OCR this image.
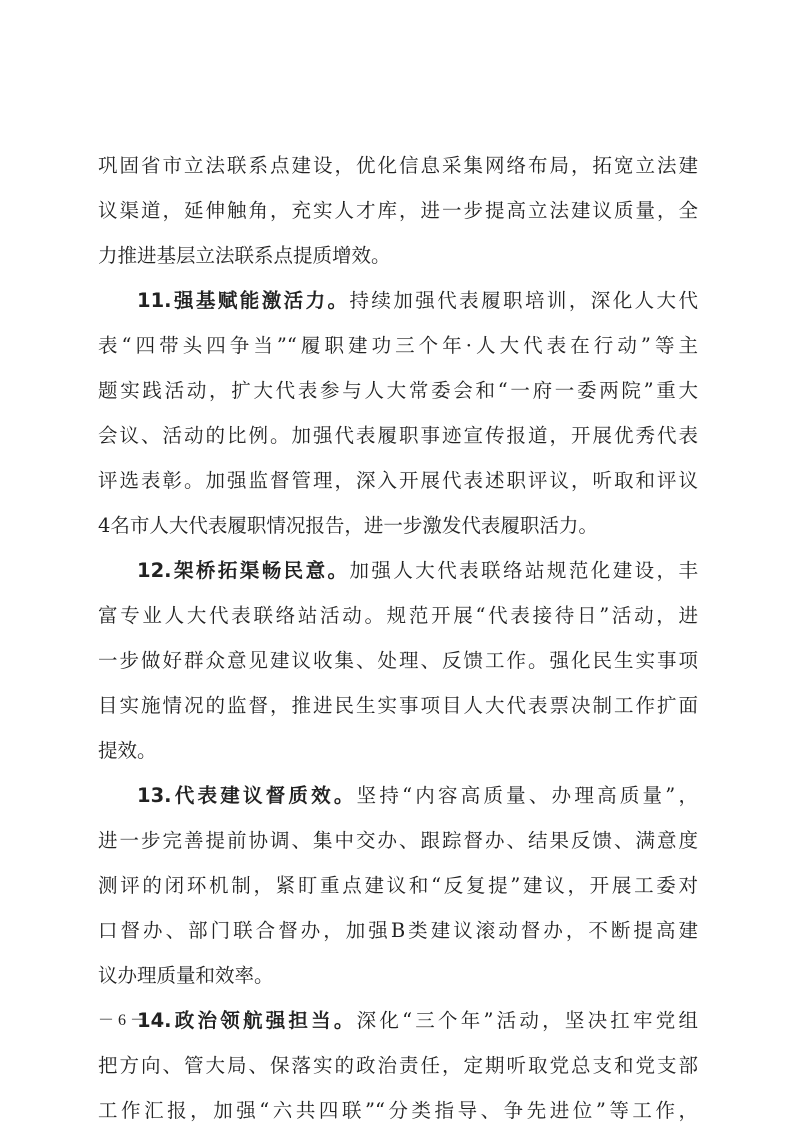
巩固省市立法联系点建设，优化信息采集网络布局，拓宽立法建
议渠道，延伸触角，充实人才库，进一步提高立法建议质量，全
力推进基层立法联系点提质增效。
11.强基赋能激活力。持续加强代表履职培训，深化人大代
表“四带头四争当”“履职建功三个年·人大代表在行动”等主
题实践活动，扩大代表参与人大常委会和“一府一委两院”重大
会议、活动的比例。加强代表履职事迹宣传报道，开展优秀代表
评选表彰。加强监督管理，深入开展代表述职评议，听取和评议
4名市人大代表履职情况报告，进一步激发代表履职活力。
12.架桥拓渠畅民意。加强人大代表联络站规范化建设，丰
富专业人大代表联络站活动。规范开展“代表接待日”活动，进
一步做好群众意见建议收集、处理、反馈工作。强化民生实事项
目实施情况的监督，推进民生实事项目人大代表票决制工作扩面
提效。
13.代表建议督质效。坚持“内容高质量、办理高质量”，
进一步完善提前协调、集中交办、跟踪督办、结果反馈、满意度
测评的闭环机制，紧盯重点建议和“反复提”建议，开展工委对
口督办、部门联合督办，加强B类建议滚动督办，不断提高建
议办理质量和效率。
14.政治领航强担当。深化“三个年”活动，坚决扛牢党组
把方向、管大局、保落实的政治责任，定期听取党总支和党支部
工作汇报，加强“六共四联”“分类指导、争先进位”等工作，
－ 6 －
